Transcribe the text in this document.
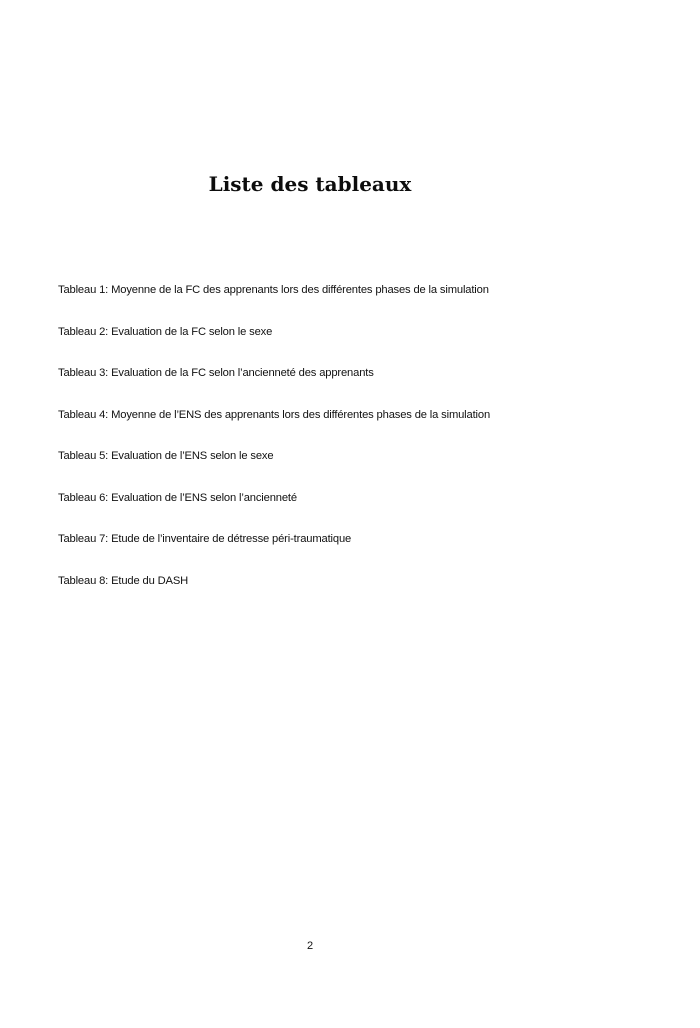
Liste des tableaux
Tableau 1: Moyenne de la FC des apprenants lors des différentes phases de la simulation
Tableau 2: Evaluation de la FC selon le sexe
Tableau 3: Evaluation de la FC selon l’ancienneté des apprenants
Tableau 4: Moyenne de l’ENS des apprenants lors des différentes phases de la simulation
Tableau 5: Evaluation de l’ENS selon le sexe
Tableau 6: Evaluation de l’ENS selon l’ancienneté
Tableau 7: Etude de l’inventaire de détresse péri-traumatique
Tableau 8: Etude du DASH
2
